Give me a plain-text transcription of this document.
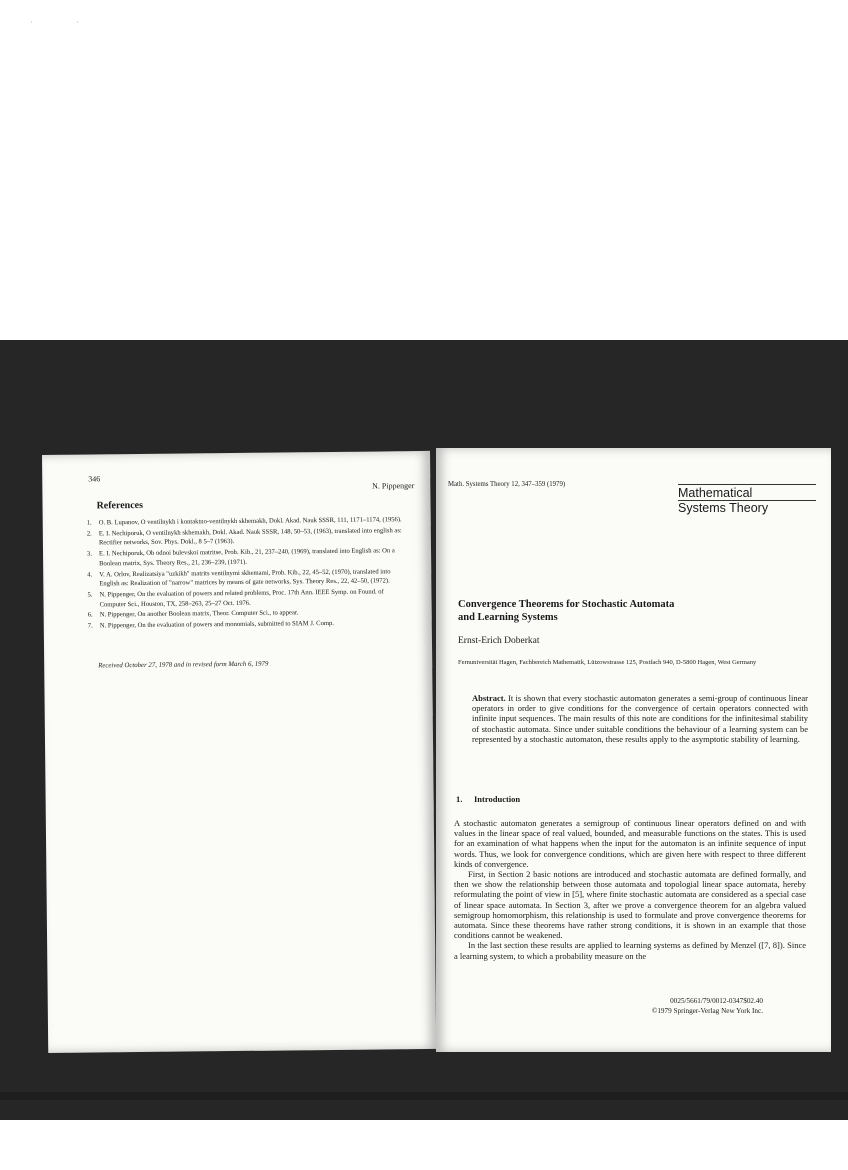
·	·
346
N. Pippenger
References
1.	O. B. Lupanov, O ventilnykh i kontaktno-ventilnykh skhemakh, Dokl. Akad. Nauk SSSR, 111, 1171–1174, (1956).
2.	E. I. Nechiporuk, O ventilnykh skhemakh, Dokl. Akad. Nauk SSSR, 148, 50–53, (1963), translated into english as: Rectifier networks, Sov. Phys. Dokl., 8 5–7 (1963).
3.	E. I. Nechiporuk, Ob odnoi bulevskoi matritse, Prob. Kib., 21, 237–240, (1969), translated into English as: On a Boolean matrix, Sys. Theory Res., 21, 236–239, (1971).
4.	V. A. Orlov, Realizatsiya "uzkikh" matrits ventilnymi skhemami, Prob. Kib., 22, 45–52, (1970), translated into English as: Realization of "narrow" matrices by means of gate networks, Sys. Theory Res., 22, 42–50, (1972).
5.	N. Pippenger, On the evaluation of powers and related problems, Proc. 17th Ann. IEEE Symp. on Found. of Computer Sci., Houston, TX, 258–263, 25–27 Oct. 1976.
6.	N. Pippenger, On another Boolean matrix, Theor. Computer Sci., to appear.
7.	N. Pippenger, On the evaluation of powers and monomials, submitted to SIAM J. Comp.
Received October 27, 1978 and in revised form March 6, 1979
Math. Systems Theory 12, 347–359 (1979)
Mathematical
Systems Theory
Convergence Theorems for Stochastic Automata
and Learning Systems
Ernst-Erich Doberkat
Fernuniversität Hagen, Fachbereich Mathematik, Lützowstrasse 125, Postfach 940, D-5800 Hagen, West Germany
Abstract. It is shown that every stochastic automaton generates a semi-group of continuous linear operators in order to give conditions for the convergence of certain operators connected with infinite input sequences. The main results of this note are conditions for the infinitesimal stability of stochastic automata. Since under suitable conditions the behaviour of a learning system can be represented by a stochastic automaton, these results apply to the asymptotic stability of learning.
1. Introduction

A stochastic automaton generates a semigroup of continuous linear operators defined on and with values in the linear space of real valued, bounded, and measurable functions on the states. This is used for an examination of what happens when the input for the automaton is an infinite sequence of input words. Thus, we look for convergence conditions, which are given here with respect to three different kinds of convergence.

First, in Section 2 basic notions are introduced and stochastic automata are defined formally, and then we show the relationship between those automata and topologial linear space automata, hereby reformulating the point of view in [5], where finite stochastic automata are considered as a special case of linear space automata. In Section 3, after we prove a convergence theorem for an algebra valued semigroup homomorphism, this relationship is used to formulate and prove convergence theorems for automata. Since these theorems have rather strong conditions, it is shown in an example that those conditions cannot be weakened.

In the last section these results are applied to learning systems as defined by Menzel ([7, 8]). Since a learning system, to which a probability measure on the

0025/5661/79/0012-0347$02.40
©1979 Springer-Verlag New York Inc.
